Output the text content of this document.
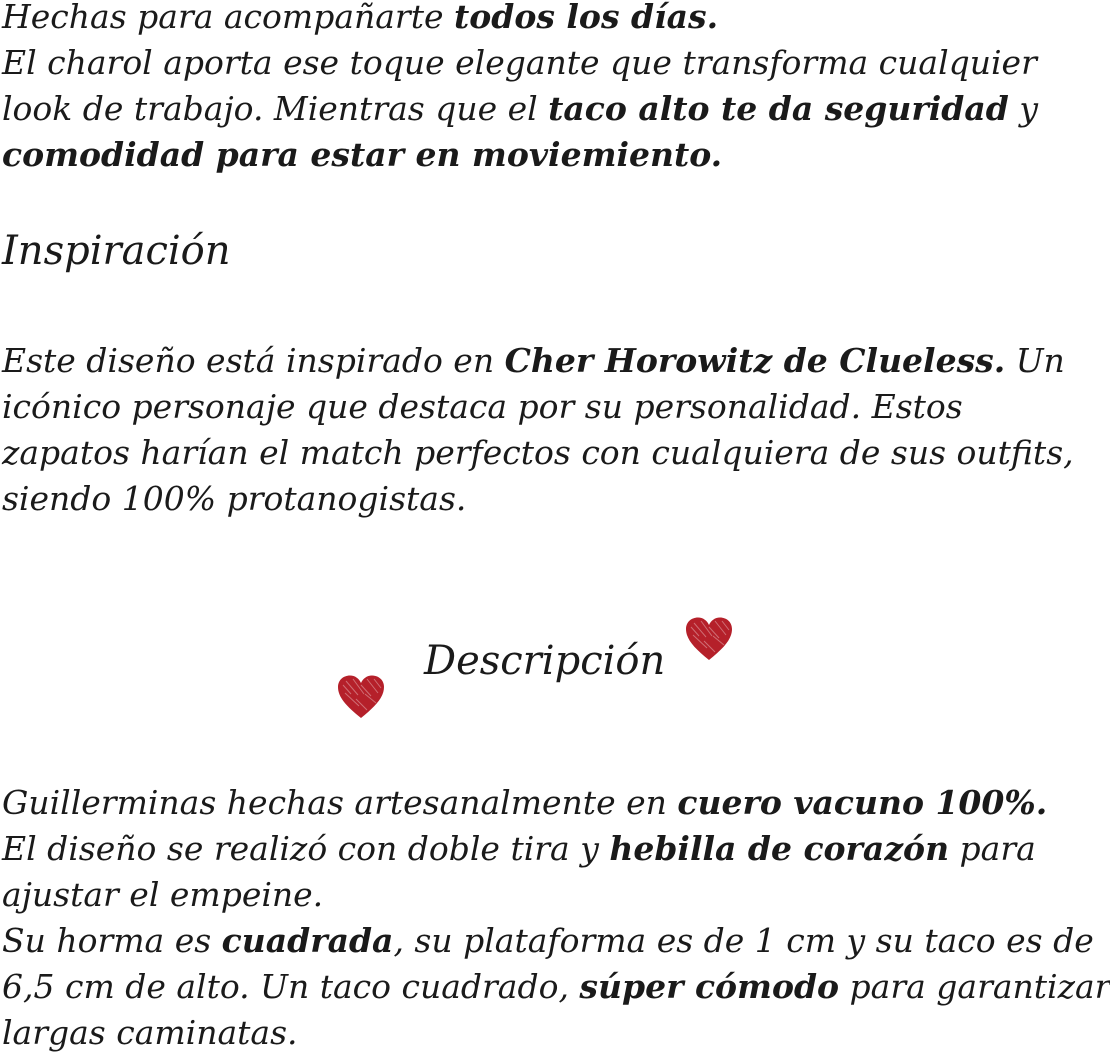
Hechas para acompañarte todos los días.
El charol aporta ese toque elegante que transforma cualquier
look de trabajo. Mientras que el taco alto te da seguridad y
comodidad para estar en moviemiento.
Inspiración
Este diseño está inspirado en Cher Horowitz de Clueless. Un
icónico personaje que destaca por su personalidad. Estos
zapatos harían el match perfectos con cualquiera de sus outfits,
siendo 100% protanogistas.
Descripción
Guillerminas hechas artesanalmente en cuero vacuno 100%.
El diseño se realizó con doble tira y hebilla de corazón para
ajustar el empeine.
Su horma es cuadrada, su plataforma es de 1 cm y su taco es de
6,5 cm de alto. Un taco cuadrado, súper cómodo para garantizar
largas caminatas.
